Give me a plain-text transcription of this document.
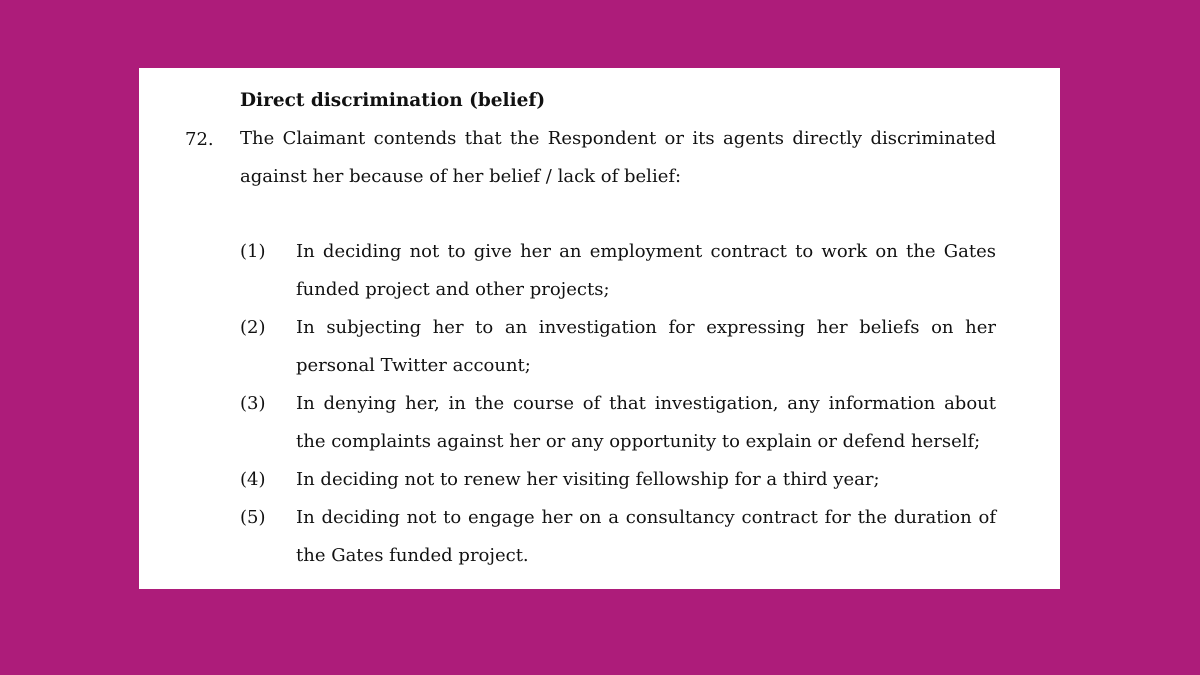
Direct discrimination (belief)
72. The Claimant contends that the Respondent or its agents directly discriminated against her because of her belief / lack of belief:
(1) In deciding not to give her an employment contract to work on the Gates funded project and other projects;
(2) In subjecting her to an investigation for expressing her beliefs on her personal Twitter account;
(3) In denying her, in the course of that investigation, any information about the complaints against her or any opportunity to explain or defend herself;
(4) In deciding not to renew her visiting fellowship for a third year;
(5) In deciding not to engage her on a consultancy contract for the duration of the Gates funded project.
